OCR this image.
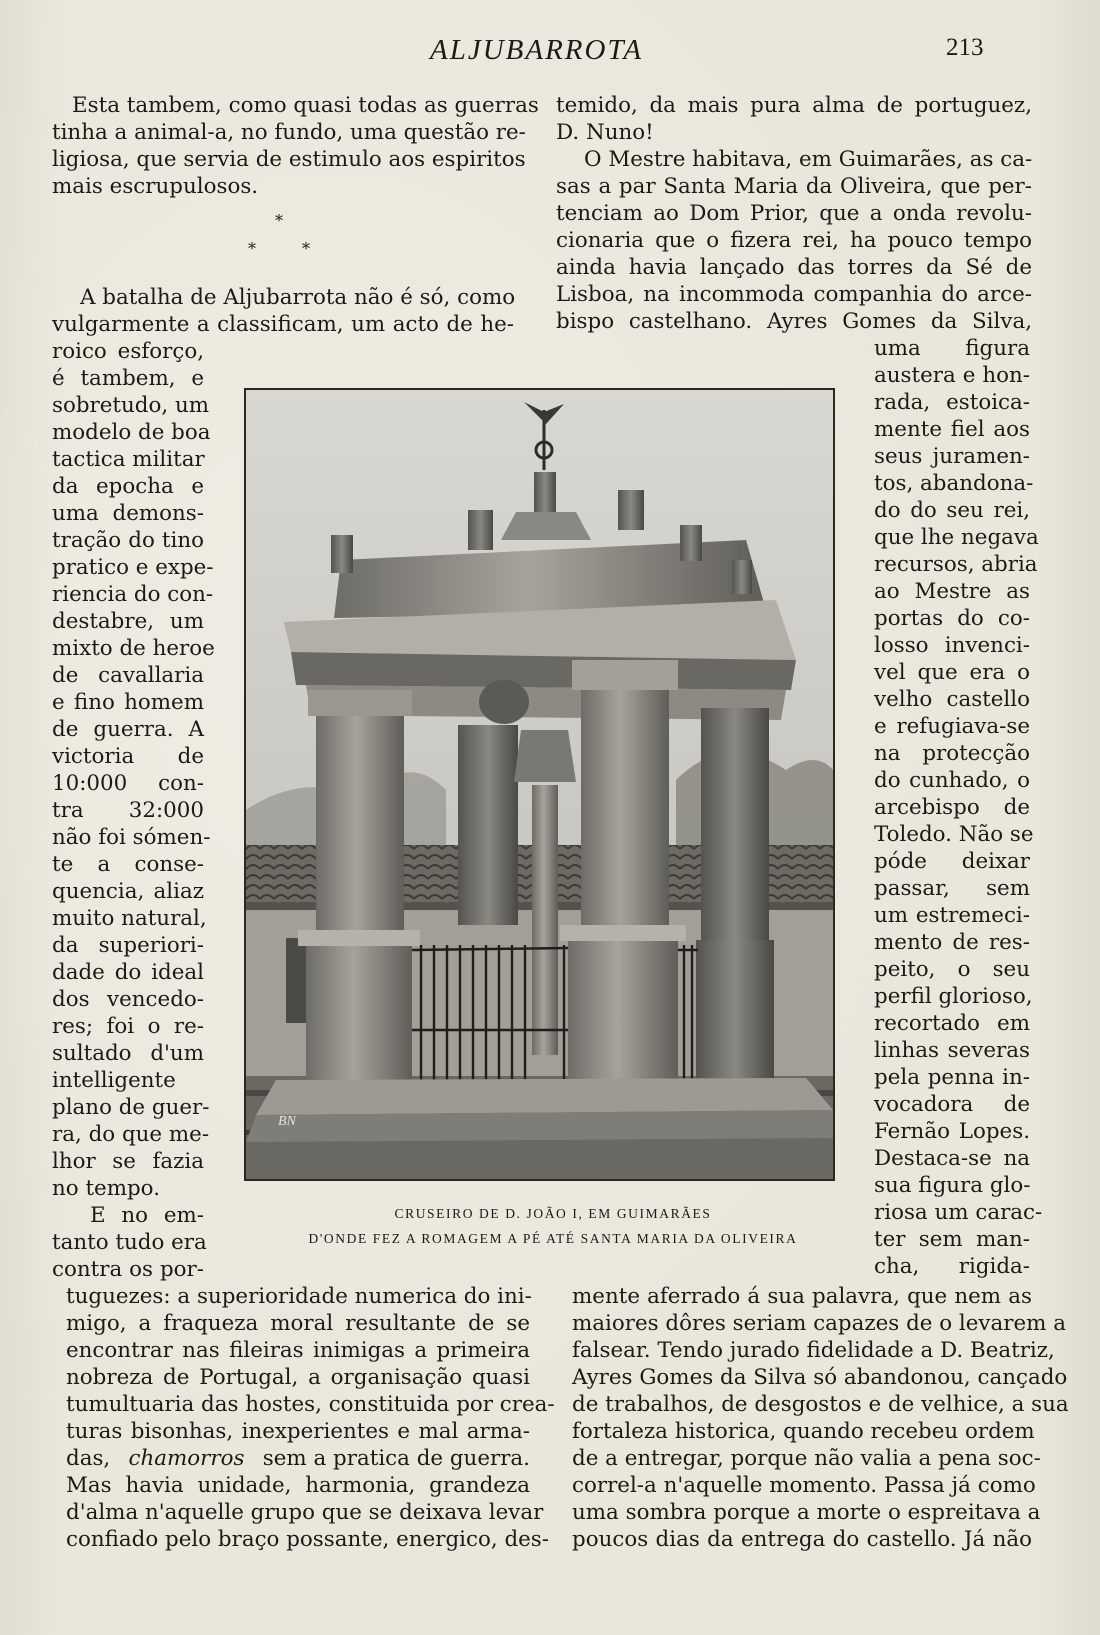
ALJUBARROTA	213
Esta tambem, como quasi todas as guerras
tinha a animal-a, no fundo, uma questão re-
ligiosa, que servia de estimulo aos espiritos
mais escrupulosos.
*
*	*
A batalha de Aljubarrota não é só, como
vulgarmente a classificam, um acto de he-
roico esforço,
é tambem, e
sobretudo, um
modelo de boa
tactica militar
da epocha e
uma demons-
tração do tino
pratico e expe-
riencia do con-
destabre, um
mixto de heroe
de cavallaria
e fino homem
de guerra. A
victoria de
10:000 con-
tra 32:000
não foi sómen-
te a conse-
quencia, aliaz
muito natural,
da superiori-
dade do ideal
dos vencedo-
res; foi o re-
sultado d'um
intelligente
plano de guer-
ra, do que me-
lhor se fazia
no tempo.
E no em-
tanto tudo era
contra os por-
tuguezes: a superioridade numerica do ini-
migo, a fraqueza moral resultante de se
encontrar nas fileiras inimigas a primeira
nobreza de Portugal, a organisação quasi
tumultuaria das hostes, constituida por crea-
turas bisonhas, inexperientes e mal arma-
das, chamorros sem a pratica de guerra.
Mas havia unidade, harmonia, grandeza
d'alma n'aquelle grupo que se deixava levar
confiado pelo braço possante, energico, des-
temido, da mais pura alma de portuguez,
D. Nuno!
O Mestre habitava, em Guimarães, as ca-
sas a par Santa Maria da Oliveira, que per-
tenciam ao Dom Prior, que a onda revolu-
cionaria que o fizera rei, ha pouco tempo
ainda havia lançado das torres da Sé de
Lisboa, na incommoda companhia do arce-
bispo castelhano. Ayres Gomes da Silva,
uma figura
austera e hon-
rada, estoica-
mente fiel aos
seus juramen-
tos, abandona-
do do seu rei,
que lhe negava
recursos, abria
ao Mestre as
portas do co-
losso invenci-
vel que era o
velho castello
e refugiava-se
na protecção
do cunhado, o
arcebispo de
Toledo. Não se
póde deixar
passar, sem
um estremeci-
mento de res-
peito, o seu
perfil glorioso,
recortado em
linhas severas
pela penna in-
vocadora de
Fernão Lopes.
Destaca-se na
sua figura glo-
riosa um carac-
ter sem man-
cha, rigida-
mente aferrado á sua palavra, que nem as
maiores dôres seriam capazes de o levarem a
falsear. Tendo jurado fidelidade a D. Beatriz,
Ayres Gomes da Silva só abandonou, cançado
de trabalhos, de desgostos e de velhice, a sua
fortaleza historica, quando recebeu ordem
de a entregar, porque não valia a pena soc-
correl-a n'aquelle momento. Passa já como
uma sombra porque a morte o espreitava a
poucos dias da entrega do castello. Já não
BN
CRUSEIRO DE D. JOÃO I, EM GUIMARÃES
D'ONDE FEZ A ROMAGEM A PÉ ATÉ SANTA MARIA DA OLIVEIRA
